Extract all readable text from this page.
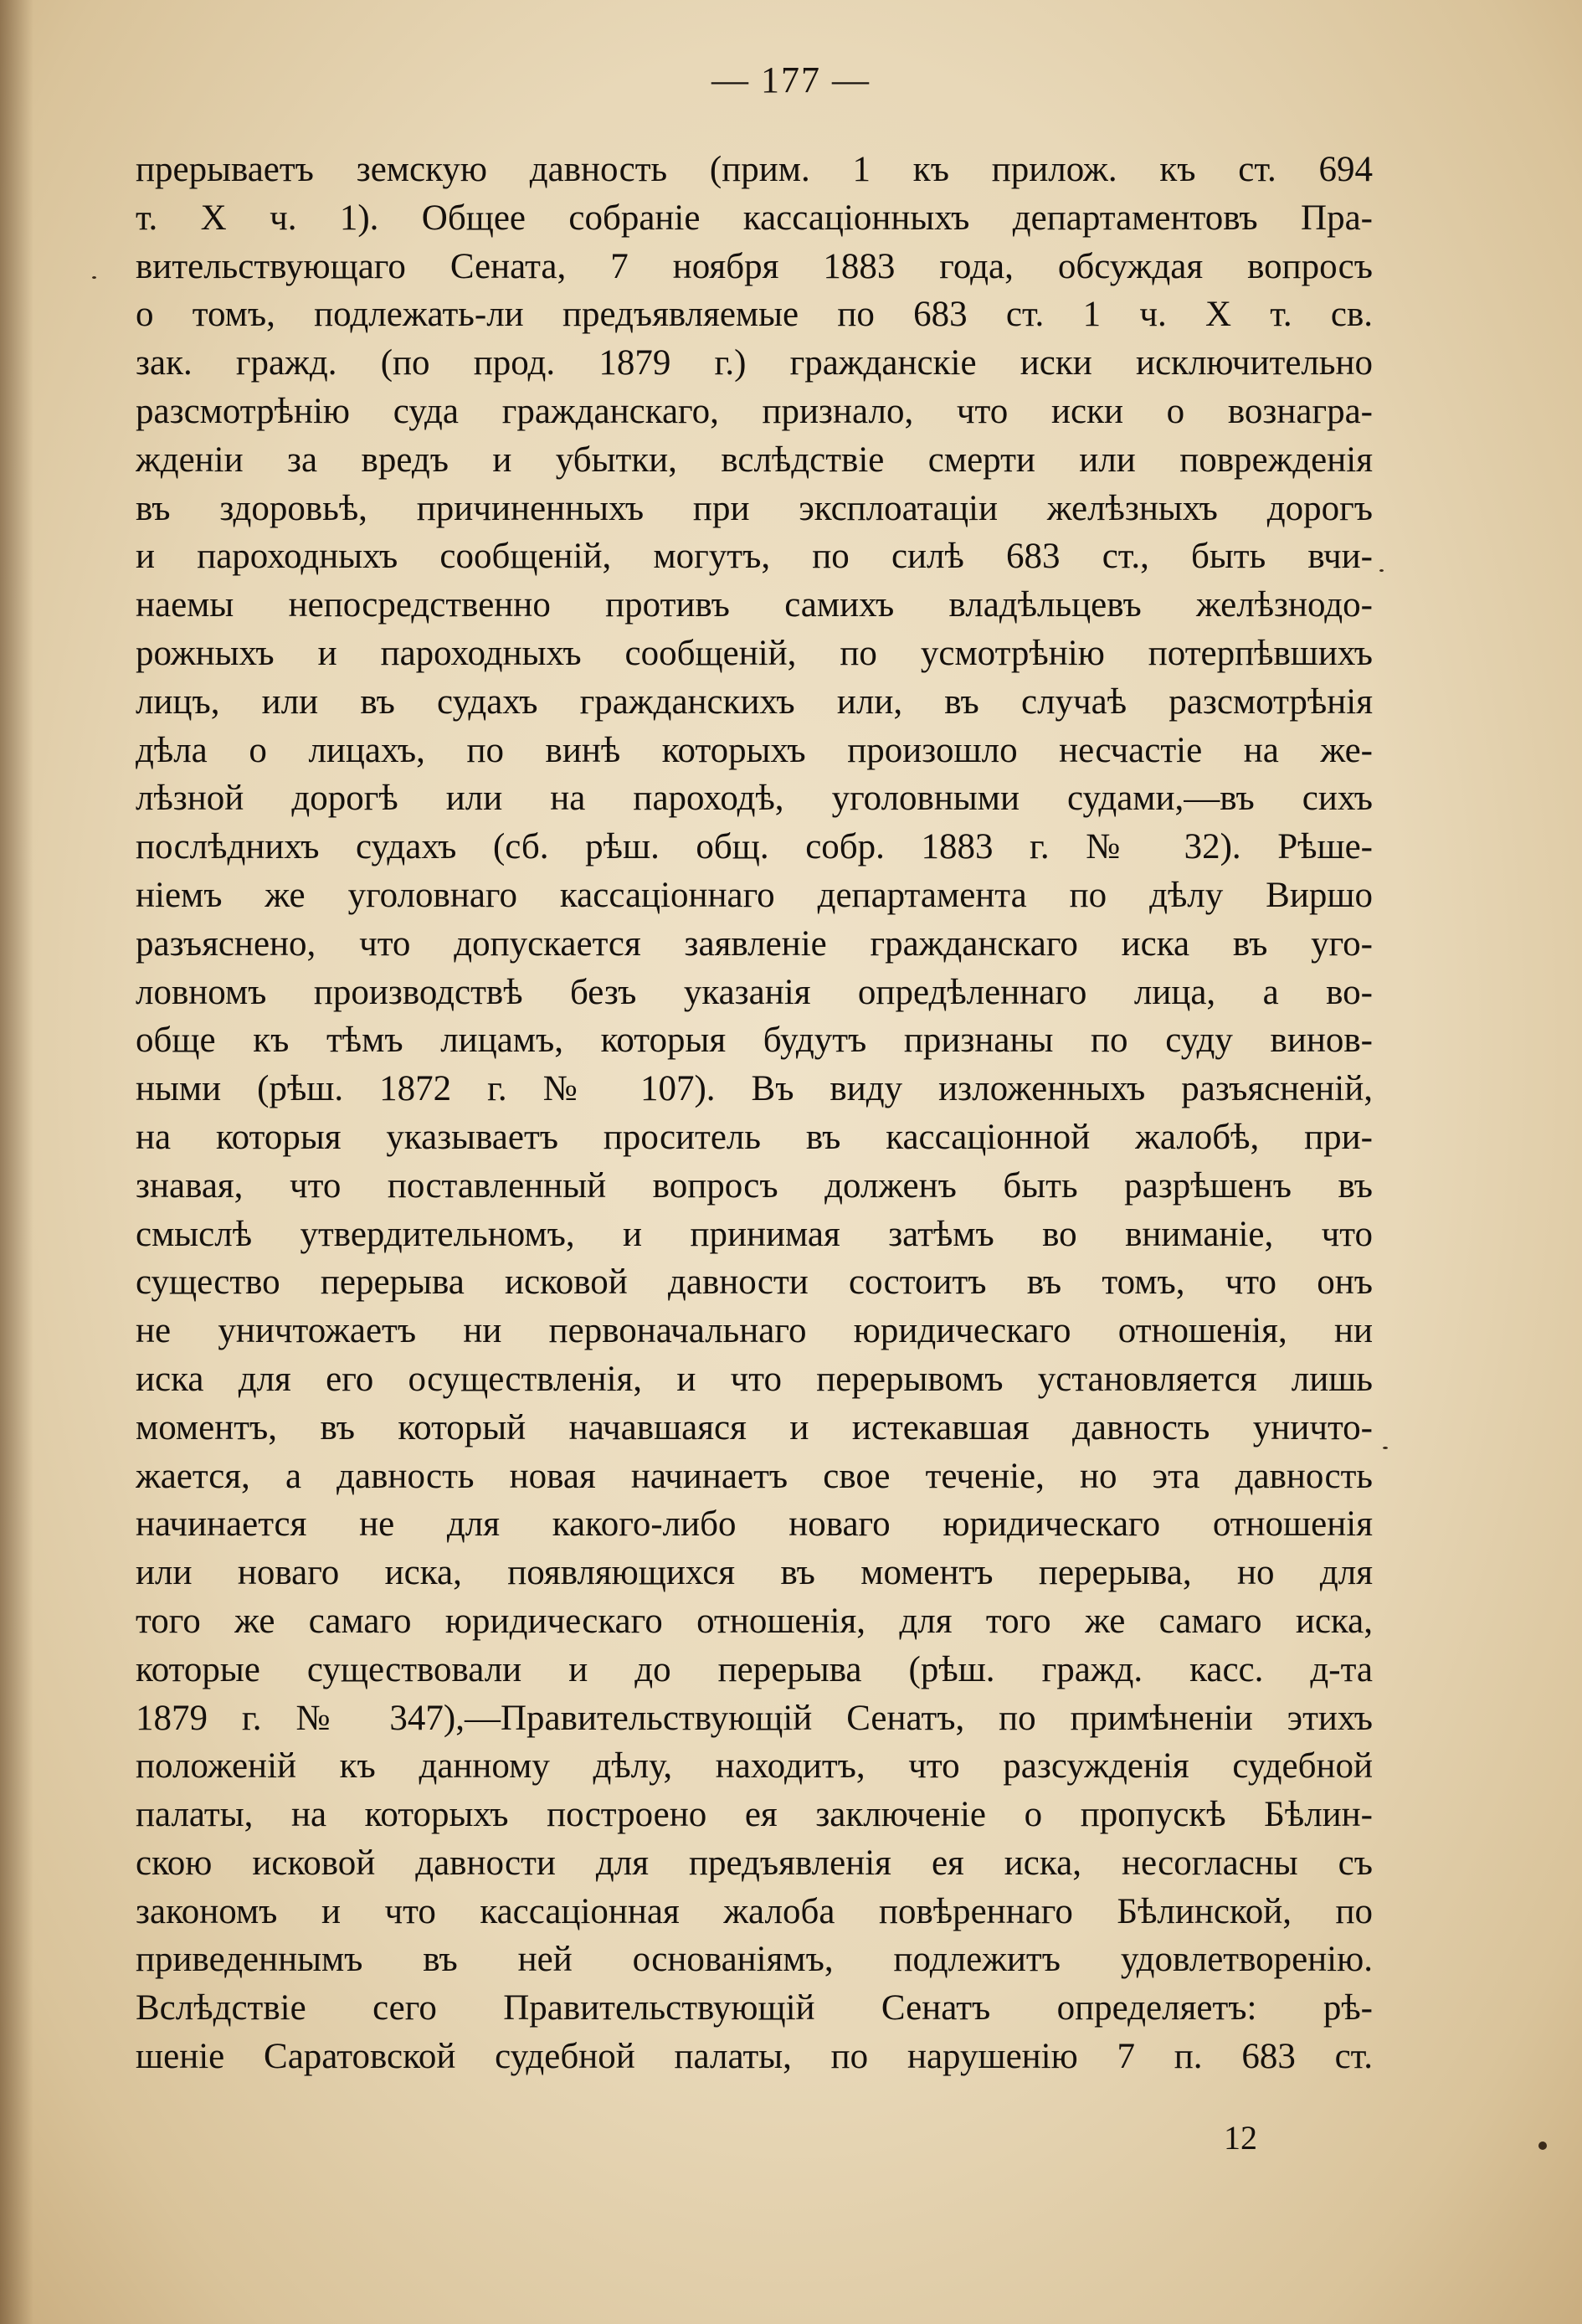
— 177 —
прерываетъ земскую давность (прим. 1 къ прилож. къ ст. 694
т. X ч. 1). Общее собраніе кассаціонныхъ департаментовъ Пра-
вительствующаго Сената, 7 ноября 1883 года, обсуждая вопросъ
о томъ, подлежать-ли предъявляемые по 683 ст. 1 ч. X т. св.
зак. гражд. (по прод. 1879 г.) гражданскіе иски исключительно
разсмотрѣнію суда гражданскаго, признало, что иски о вознагра-
жденіи за вредъ и убытки, вслѣдствіе смерти или поврежденія
въ здоровьѣ, причиненныхъ при эксплоатаціи желѣзныхъ дорогъ
и пароходныхъ сообщеній, могутъ, по силѣ 683 ст., быть вчи-
наемы непосредственно противъ самихъ владѣльцевъ желѣзнодо-
рожныхъ и пароходныхъ сообщеній, по усмотрѣнію потерпѣвшихъ
лицъ, или въ судахъ гражданскихъ или, въ случаѣ разсмотрѣнія
дѣла о лицахъ, по винѣ которыхъ произошло несчастіе на же-
лѣзной дорогѣ или на пароходѣ, уголовными судами,—въ сихъ
послѣднихъ судахъ (сб. рѣш. общ. собр. 1883 г. № 32). Рѣше-
ніемъ же уголовнаго кассаціоннаго департамента по дѣлу Виршо
разъяснено, что допускается заявленіе гражданскаго иска въ уго-
ловномъ производствѣ безъ указанія опредѣленнаго лица, а во-
обще къ тѣмъ лицамъ, которыя будутъ признаны по суду винов-
ными (рѣш. 1872 г. № 107). Въ виду изложенныхъ разъясненій,
на которыя указываетъ проситель въ кассаціонной жалобѣ, при-
знавая, что поставленный вопросъ долженъ быть разрѣшенъ въ
смыслѣ утвердительномъ, и принимая затѣмъ во вниманіе, что
существо перерыва исковой давности состоитъ въ томъ, что онъ
не уничтожаетъ ни первоначальнаго юридическаго отношенія, ни
иска для его осуществленія, и что перерывомъ установляется лишь
моментъ, въ который начавшаяся и истекавшая давность уничто-
жается, а давность новая начинаетъ свое теченіе, но эта давность
начинается не для какого-либо новаго юридическаго отношенія
или новаго иска, появляющихся въ моментъ перерыва, но для
того же самаго юридическаго отношенія, для того же самаго иска,
которые существовали и до перерыва (рѣш. гражд. касс. д-та
1879 г. № 347),—Правительствующій Сенатъ, по примѣненіи этихъ
положеній къ данному дѣлу, находитъ, что разсужденія судебной
палаты, на которыхъ построено ея заключеніе о пропускѣ Бѣлин-
скою исковой давности для предъявленія ея иска, несогласны съ
закономъ и что кассаціонная жалоба повѣреннаго Бѣлинской, по
приведеннымъ въ ней основаніямъ, подлежитъ удовлетворенію.
Вслѣдствіе сего Правительствующій Сенатъ определяетъ: рѣ-
шеніе Саратовской судебной палаты, по нарушенію 7 п. 683 ст.
12
